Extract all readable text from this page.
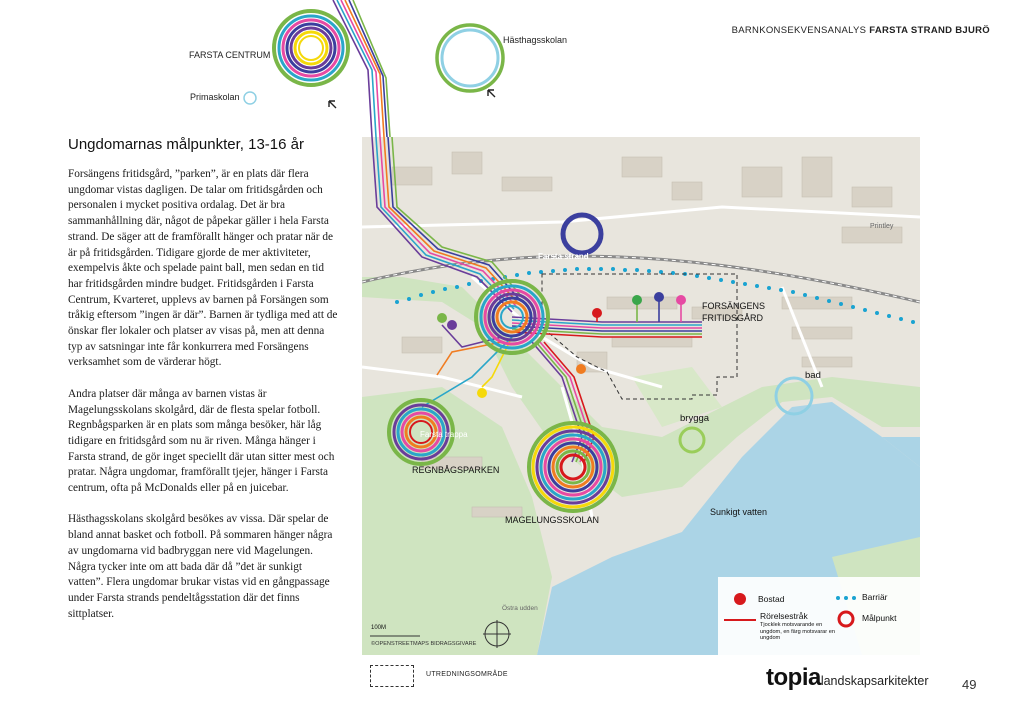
BARNKONSEKVENSANALYS FARSTA STRAND BJURÖ
FARSTA CENTRUM
Primaskolan
Hästhagsskolan
Ungdomarnas målpunkter, 13-16 år

Forsängens fritidsgård, ”parken”, är en plats där flera ungdomar vistas dagligen. De talar om fritidsgården och personalen i mycket positiva ordalag. Det är bra sammanhållning där, något de påpekar gäller i hela Farsta strand. De säger att de framförallt hänger och pratar när de är på fritidsgården. Tidigare gjorde de mer aktiviteter, exempelvis åkte och spelade paint ball, men sedan en tid har fritidsgården mindre budget. Fritidsgården i Farsta Centrum, Kvarteret, upplevs av barnen på Forsängen som tråkig eftersom ”ingen är där”. Barnen är tydliga med att de önskar fler lokaler och platser av visas på, men att denna typ av satsningar inte får konkurrera med Forsängens verksamhet som de värderar högt.

Andra platser där många av barnen vistas är Magelungsskolans skolgård, där de flesta spelar fotboll. Regnbågsparken är en plats som många besöker, här låg tidigare en fritidsgård som nu är riven. Många hänger i Farsta strand, de gör inget speciellt där utan sitter mest och pratar. Några ungdomar, framförallt tjejer, hänger i Farsta centrum, ofta på McDonalds eller på en juicebar.

Hästhagsskolans skolgård besökes av vissa. Där spelar de bland annat basket och fotboll. På sommaren hänger några av ungdomarna vid badbryggan nere vid Magelungen. Några tycker inte om att bada där då ”det är sunkigt vatten”. Flera ungdomar brukar vistas vid en gångpassage under Farsta strands pendeltågsstation där det finns sittplatser.

FORSÄNGENS
FRITIDSGÅRD
bad
brygga
REGNBÅGSPARKEN
MAGELUNGSSKOLAN
Sunkigt vatten
Farsta strand
Printley
Östra udden
Farsta trappa
100M
©OPENSTREETMAPS BIDRAGSGIVARE
Bostad
Rörelsestråk
Tjocklek motsvarande en ungdom, en färg motsvarar en ungdom
Barriär
Målpunkt
UTREDNINGSOMRÅDE	topialandskapsarkitekter	49
